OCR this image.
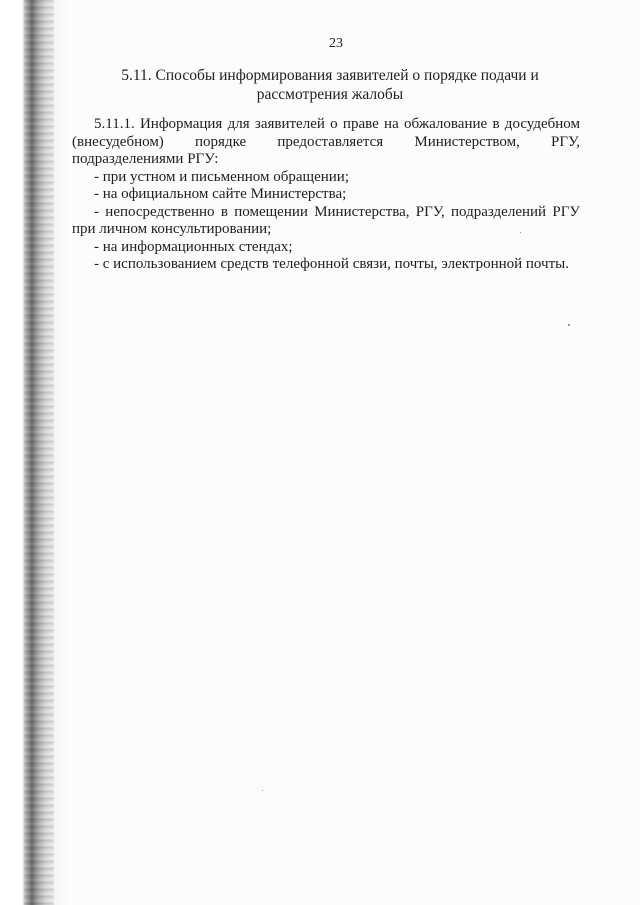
23
5.11. Способы информирования заявителей о порядке подачи и
рассмотрения жалобы

5.11.1. Информация для заявителей о праве на обжалование в досудебном (внесудебном) порядке предоставляется Министерством, РГУ, подразделениями РГУ:

- при устном и письменном обращении;

- на официальном сайте Министерства;

- непосредственно в помещении Министерства, РГУ, подразделений РГУ при личном консультировании;

- на информационных стендах;

- с использованием средств телефонной связи, почты, электронной почты.
